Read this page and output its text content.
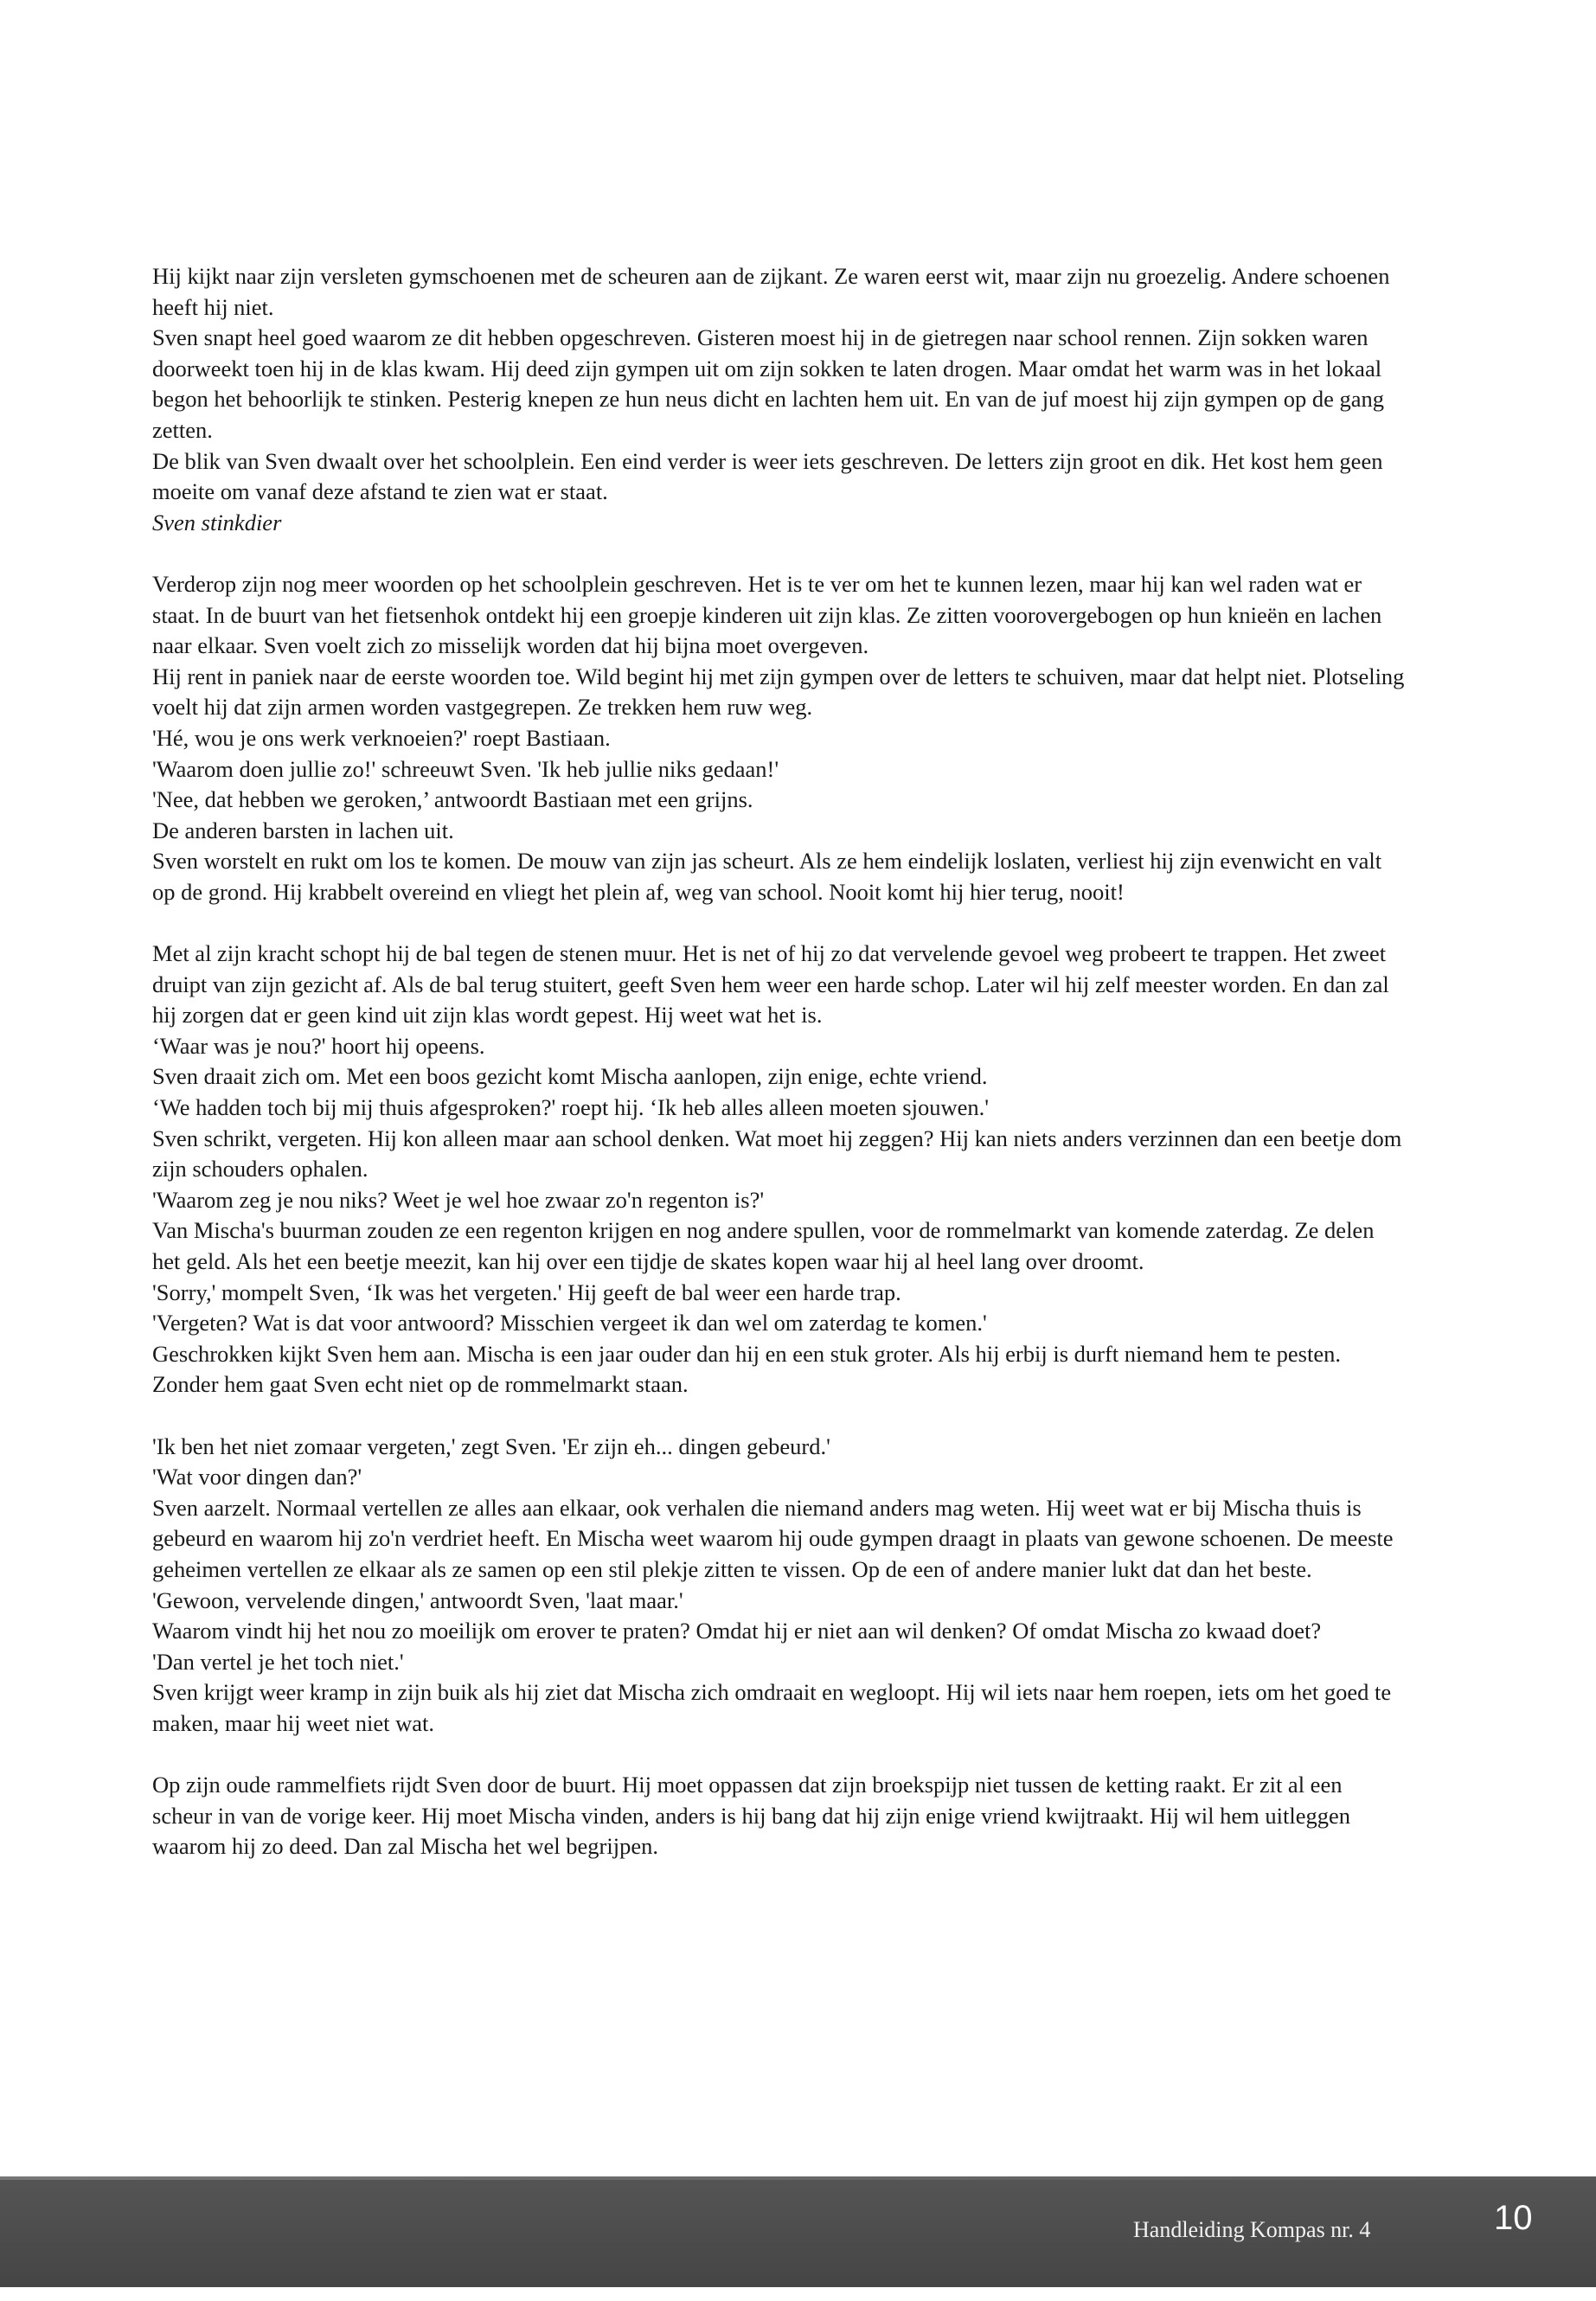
Hij kijkt naar zijn versleten gymschoenen met de scheuren aan de zijkant. Ze waren eerst wit, maar zijn nu groezelig. Andere schoenen heeft hij niet.

Sven snapt heel goed waarom ze dit hebben opgeschreven. Gisteren moest hij in de gietregen naar school rennen. Zijn sokken waren doorweekt toen hij in de klas kwam. Hij deed zijn gympen uit om zijn sokken te laten drogen. Maar omdat het warm was in het lokaal begon het behoorlijk te stinken. Pesterig knepen ze hun neus dicht en lachten hem uit. En van de juf moest hij zijn gympen op de gang zetten.

De blik van Sven dwaalt over het schoolplein. Een eind verder is weer iets geschreven. De letters zijn groot en dik. Het kost hem geen moeite om vanaf deze afstand te zien wat er staat.

Sven stinkdier

Verderop zijn nog meer woorden op het schoolplein geschreven. Het is te ver om het te kunnen lezen, maar hij kan wel raden wat er staat. In de buurt van het fietsenhok ontdekt hij een groepje kinderen uit zijn klas. Ze zitten voorovergebogen op hun knieën en lachen naar elkaar. Sven voelt zich zo misselijk worden dat hij bijna moet overgeven.

Hij rent in paniek naar de eerste woorden toe. Wild begint hij met zijn gympen over de letters te schuiven, maar dat helpt niet. Plotseling voelt hij dat zijn armen worden vastgegrepen. Ze trekken hem ruw weg.

'Hé, wou je ons werk verknoeien?' roept Bastiaan.

'Waarom doen jullie zo!' schreeuwt Sven. 'Ik heb jullie niks gedaan!'

'Nee, dat hebben we geroken,’ antwoordt Bastiaan met een grijns.

De anderen barsten in lachen uit.

Sven worstelt en rukt om los te komen. De mouw van zijn jas scheurt. Als ze hem eindelijk loslaten, verliest hij zijn evenwicht en valt op de grond. Hij krabbelt overeind en vliegt het plein af, weg van school. Nooit komt hij hier terug, nooit!

Met al zijn kracht schopt hij de bal tegen de stenen muur. Het is net of hij zo dat vervelende gevoel weg probeert te trappen. Het zweet druipt van zijn gezicht af. Als de bal terug stuitert, geeft Sven hem weer een harde schop. Later wil hij zelf meester worden. En dan zal hij zorgen dat er geen kind uit zijn klas wordt gepest. Hij weet wat het is.

‘Waar was je nou?' hoort hij opeens.

Sven draait zich om. Met een boos gezicht komt Mischa aanlopen, zijn enige, echte vriend.

‘We hadden toch bij mij thuis afgesproken?' roept hij. ‘Ik heb alles alleen moeten sjouwen.'

Sven schrikt, vergeten. Hij kon alleen maar aan school denken. Wat moet hij zeggen? Hij kan niets anders verzinnen dan een beetje dom zijn schouders ophalen.

'Waarom zeg je nou niks? Weet je wel hoe zwaar zo'n regenton is?'

Van Mischa's buurman zouden ze een regenton krijgen en nog andere spullen, voor de rommelmarkt van komende zaterdag. Ze delen het geld. Als het een beetje meezit, kan hij over een tijdje de skates kopen waar hij al heel lang over droomt.

'Sorry,' mompelt Sven, ‘Ik was het vergeten.' Hij geeft de bal weer een harde trap.

'Vergeten? Wat is dat voor antwoord? Misschien vergeet ik dan wel om zaterdag te komen.'

Geschrokken kijkt Sven hem aan. Mischa is een jaar ouder dan hij en een stuk groter. Als hij erbij is durft niemand hem te pesten. Zonder hem gaat Sven echt niet op de rommelmarkt staan.

'Ik ben het niet zomaar vergeten,' zegt Sven. 'Er zijn eh... dingen gebeurd.'

'Wat voor dingen dan?'

Sven aarzelt. Normaal vertellen ze alles aan elkaar, ook verhalen die niemand anders mag weten. Hij weet wat er bij Mischa thuis is gebeurd en waarom hij zo'n verdriet heeft. En Mischa weet waarom hij oude gympen draagt in plaats van gewone schoenen. De meeste geheimen vertellen ze elkaar als ze samen op een stil plekje zitten te vissen. Op de een of andere manier lukt dat dan het beste.

'Gewoon, vervelende dingen,' antwoordt Sven, 'laat maar.'

Waarom vindt hij het nou zo moeilijk om erover te praten? Omdat hij er niet aan wil denken? Of omdat Mischa zo kwaad doet?

'Dan vertel je het toch niet.'

Sven krijgt weer kramp in zijn buik als hij ziet dat Mischa zich omdraait en wegloopt. Hij wil iets naar hem roepen, iets om het goed te maken, maar hij weet niet wat.

Op zijn oude rammelfiets rijdt Sven door de buurt. Hij moet oppassen dat zijn broekspijp niet tussen de ketting raakt. Er zit al een scheur in van de vorige keer. Hij moet Mischa vinden, anders is hij bang dat hij zijn enige vriend kwijtraakt. Hij wil hem uitleggen waarom hij zo deed. Dan zal Mischa het wel begrijpen.

Handleiding Kompas nr. 4	10
